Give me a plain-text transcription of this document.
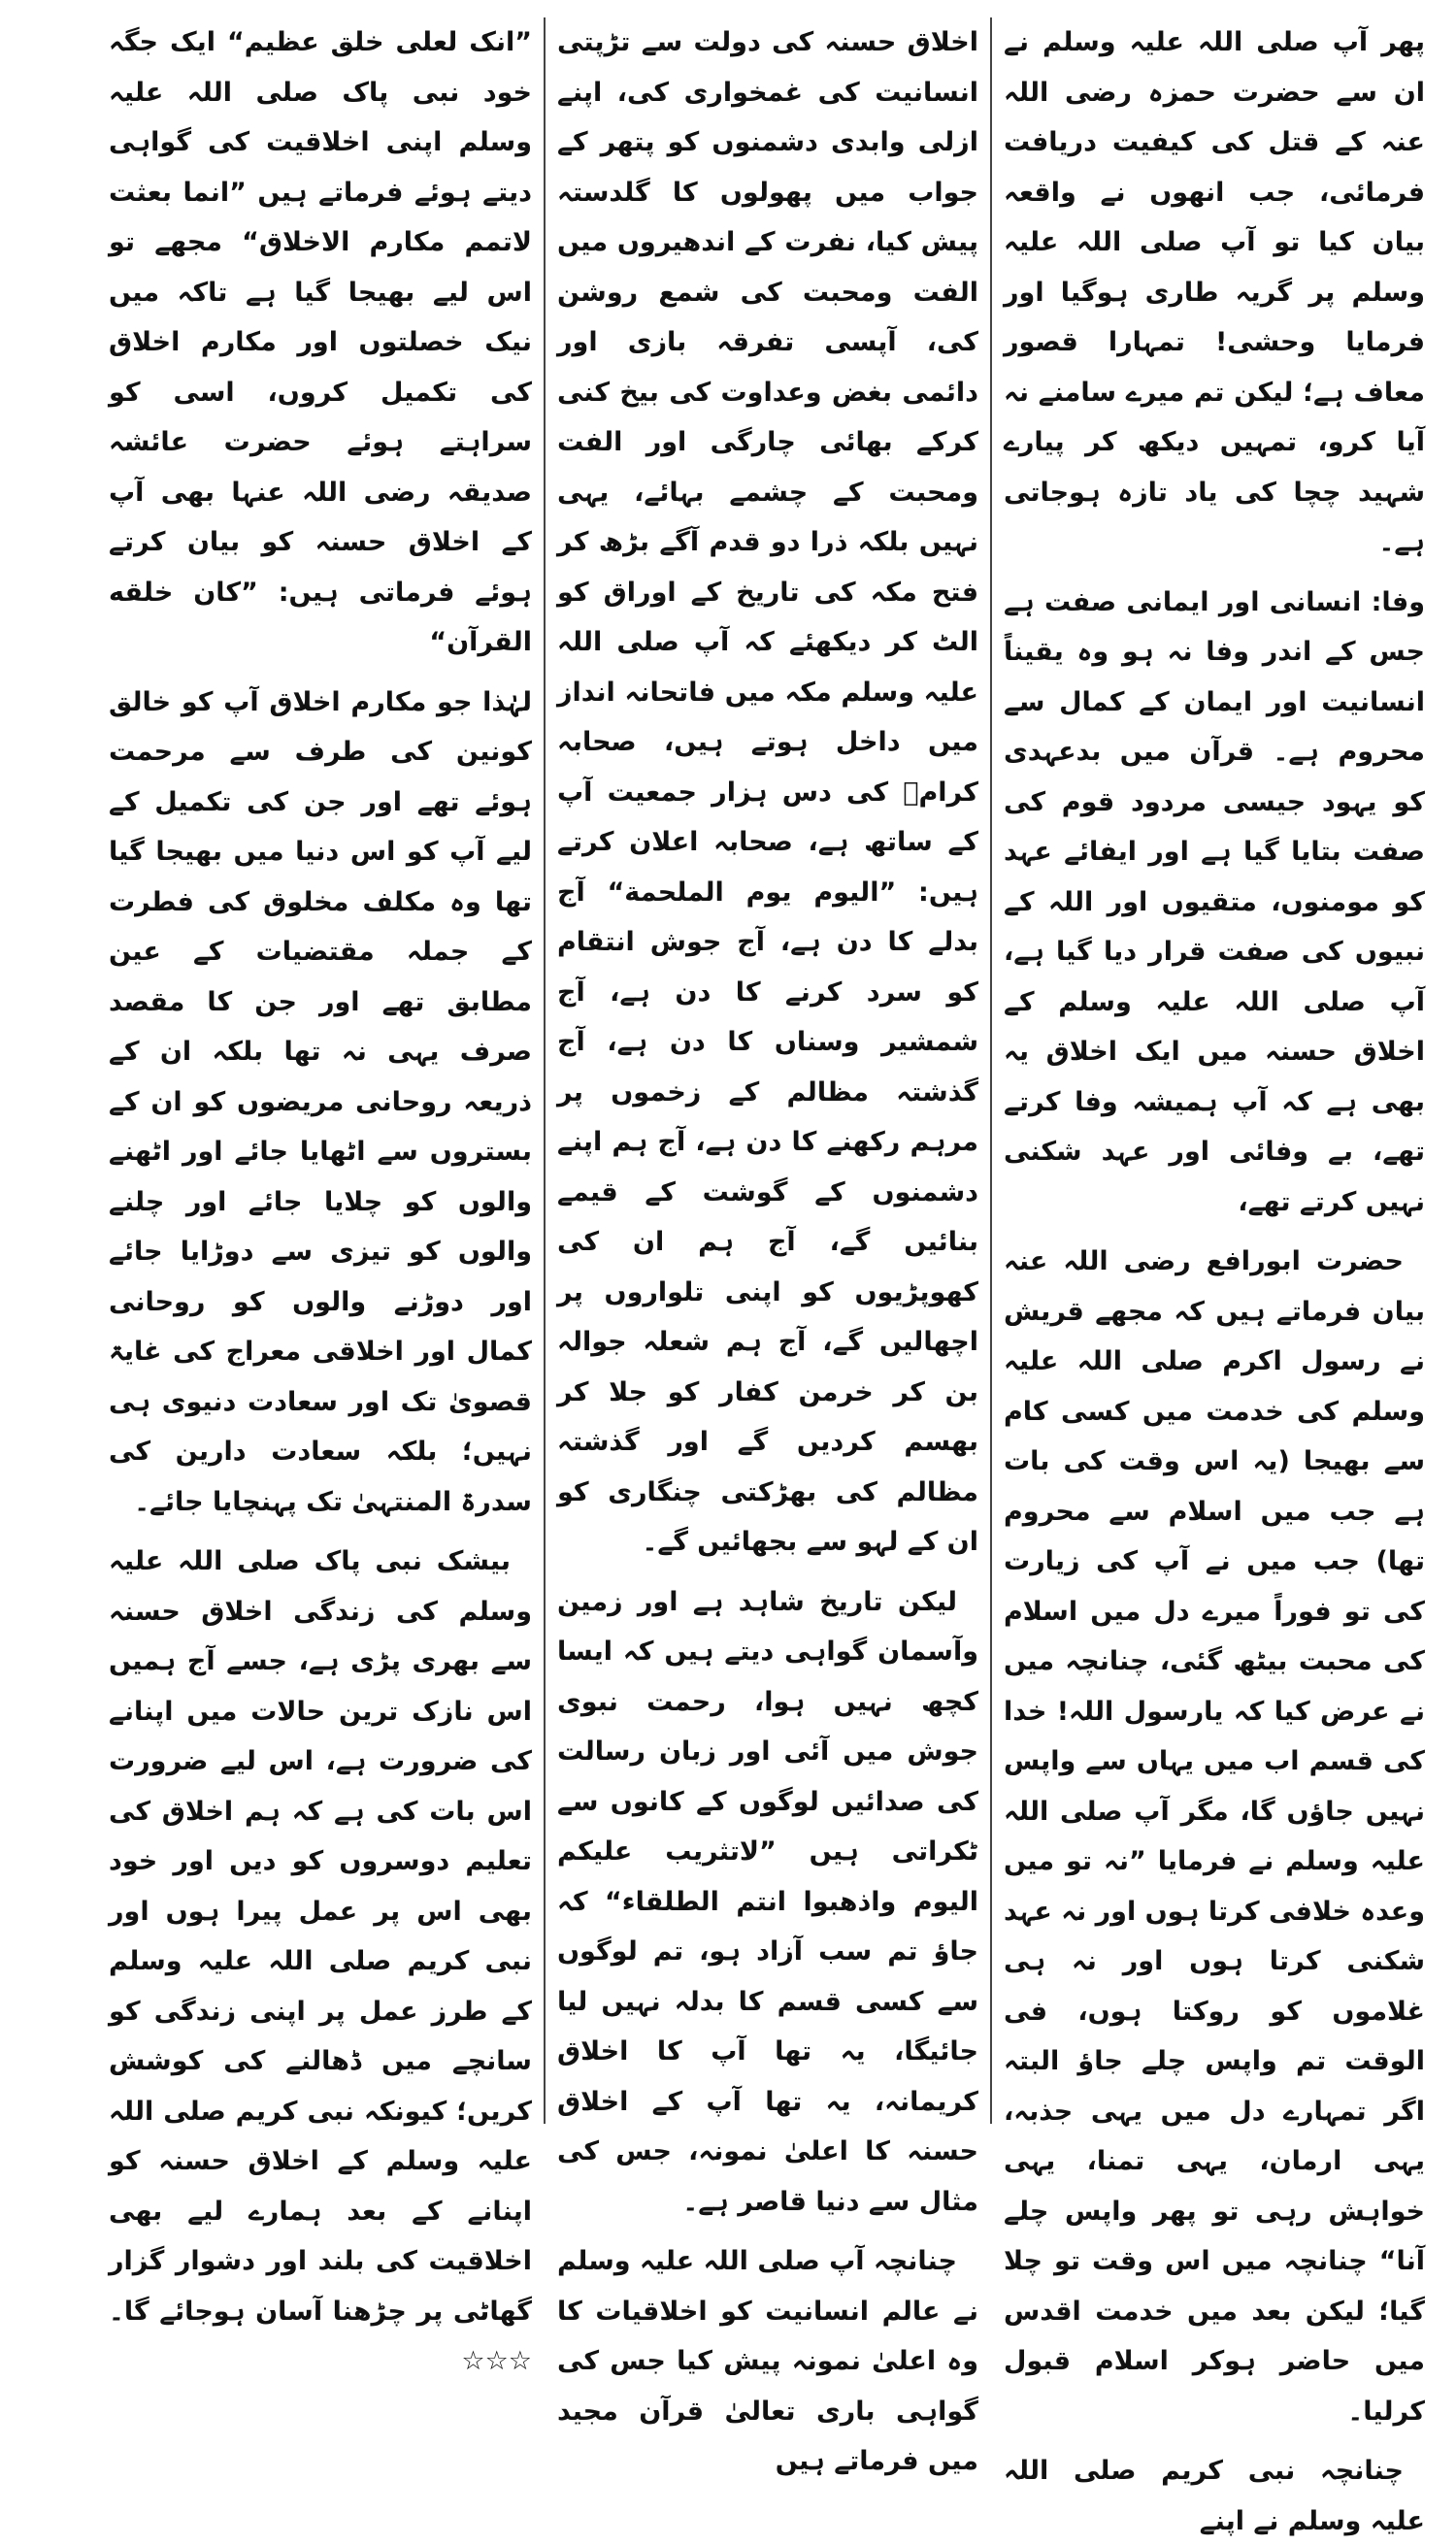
پھر آپ صلی اللہ علیہ وسلم نے ان سے حضرت حمزہ رضی اللہ عنہ کے قتل کی کیفیت دریافت فرمائی، جب انھوں نے واقعہ بیان کیا تو آپ صلی اللہ علیہ وسلم پر گریہ طاری ہوگیا اور فرمایا وحشی! تمہارا قصور معاف ہے؛ لیکن تم میرے سامنے نہ آیا کرو، تمہیں دیکھ کر پیارے شہید چچا کی یاد تازہ ہوجاتی ہے۔

وفا: انسانی اور ایمانی صفت ہے جس کے اندر وفا نہ ہو وہ یقیناً انسانیت اور ایمان کے کمال سے محروم ہے۔ قرآن میں بدعہدی کو یہود جیسی مردود قوم کی صفت بتایا گیا ہے اور ایفائے عہد کو مومنوں، متقیوں اور اللہ کے نبیوں کی صفت قرار دیا گیا ہے، آپ صلی اللہ علیہ وسلم کے اخلاق حسنہ میں ایک اخلاق یہ بھی ہے کہ آپ ہمیشہ وفا کرتے تھے، بے وفائی اور عہد شکنی نہیں کرتے تھے،

حضرت ابورافع رضی اللہ عنہ بیان فرماتے ہیں کہ مجھے قریش نے رسول اکرم صلی اللہ علیہ وسلم کی خدمت میں کسی کام سے بھیجا (یہ اس وقت کی بات ہے جب میں اسلام سے محروم تھا) جب میں نے آپ کی زیارت کی تو فوراً میرے دل میں اسلام کی محبت بیٹھ گئی، چنانچہ میں نے عرض کیا کہ یارسول اللہ! خدا کی قسم اب میں یہاں سے واپس نہیں جاؤں گا، مگر آپ صلی اللہ علیہ وسلم نے فرمایا ”نہ تو میں وعدہ خلافی کرتا ہوں اور نہ عہد شکنی کرتا ہوں اور نہ ہی غلاموں کو روکتا ہوں، فی الوقت تم واپس چلے جاؤ البتہ اگر تمہارے دل میں یہی جذبہ، یہی ارمان، یہی تمنا، یہی خواہش رہی تو پھر واپس چلے آنا“ چنانچہ میں اس وقت تو چلا گیا؛ لیکن بعد میں خدمت اقدس میں حاضر ہوکر اسلام قبول کرلیا۔

چنانچہ نبی کریم صلی اللہ علیہ وسلم نے اپنے

اخلاق حسنہ کی دولت سے تڑپتی انسانیت کی غمخواری کی، اپنے ازلی وابدی دشمنوں کو پتھر کے جواب میں پھولوں کا گلدستہ پیش کیا، نفرت کے اندھیروں میں الفت ومحبت کی شمع روشن کی، آپسی تفرقہ بازی اور دائمی بغض وعداوت کی بیخ کنی کرکے بھائی چارگی اور الفت ومحبت کے چشمے بہائے، یہی نہیں بلکہ ذرا دو قدم آگے بڑھ کر فتح مکہ کی تاریخ کے اوراق کو الٹ کر دیکھئے کہ آپ صلی اللہ علیہ وسلم مکہ میں فاتحانہ انداز میں داخل ہوتے ہیں، صحابہ کرامؓ کی دس ہزار جمعیت آپ کے ساتھ ہے، صحابہ اعلان کرتے ہیں: ”الیوم یوم الملحمة“ آج بدلے کا دن ہے، آج جوش انتقام کو سرد کرنے کا دن ہے، آج شمشیر وسناں کا دن ہے، آج گذشتہ مظالم کے زخموں پر مرہم رکھنے کا دن ہے، آج ہم اپنے دشمنوں کے گوشت کے قیمے بنائیں گے، آج ہم ان کی کھوپڑیوں کو اپنی تلواروں پر اچھالیں گے، آج ہم شعلہ جوالہ بن کر خرمن کفار کو جلا کر بھسم کردیں گے اور گذشتہ مظالم کی بھڑکتی چنگاری کو ان کے لہو سے بجھائیں گے۔

لیکن تاریخ شاہد ہے اور زمین وآسمان گواہی دیتے ہیں کہ ایسا کچھ نہیں ہوا، رحمت نبوی جوش میں آئی اور زبان رسالت کی صدائیں لوگوں کے کانوں سے ٹکراتی ہیں ”لاتثریب علیکم الیوم واذھبوا انتم الطلقاء“ کہ جاؤ تم سب آزاد ہو، تم لوگوں سے کسی قسم کا بدلہ نہیں لیا جائیگا، یہ تھا آپ کا اخلاق کریمانہ، یہ تھا آپ کے اخلاق حسنہ کا اعلیٰ نمونہ، جس کی مثال سے دنیا قاصر ہے۔

چنانچہ آپ صلی اللہ علیہ وسلم نے عالم انسانیت کو اخلاقیات کا وہ اعلیٰ نمونہ پیش کیا جس کی گواہی باری تعالیٰ قرآن مجید میں فرماتے ہیں

”انک لعلی خلق عظیم“ ایک جگہ خود نبی پاک صلی اللہ علیہ وسلم اپنی اخلاقیت کی گواہی دیتے ہوئے فرماتے ہیں ”انما بعثت لاتمم مکارم الاخلاق“ مجھے تو اس لیے بھیجا گیا ہے تاکہ میں نیک خصلتوں اور مکارم اخلاق کی تکمیل کروں، اسی کو سراہتے ہوئے حضرت عائشہ صدیقہ رضی اللہ عنہا بھی آپ کے اخلاق حسنہ کو بیان کرتے ہوئے فرماتی ہیں: ”کان خلقه القرآن“

لہٰذا جو مکارم اخلاق آپ کو خالق کونین کی طرف سے مرحمت ہوئے تھے اور جن کی تکمیل کے لیے آپ کو اس دنیا میں بھیجا گیا تھا وہ مکلف مخلوق کی فطرت کے جملہ مقتضیات کے عین مطابق تھے اور جن کا مقصد صرف یہی نہ تھا بلکہ ان کے ذریعہ روحانی مریضوں کو ان کے بستروں سے اٹھایا جائے اور اٹھنے والوں کو چلایا جائے اور چلنے والوں کو تیزی سے دوڑایا جائے اور دوڑنے والوں کو روحانی کمال اور اخلاقی معراج کی غایۃ قصویٰ تک اور سعادت دنیوی ہی نہیں؛ بلکہ سعادت دارین کی سدرۃ المنتہیٰ تک پہنچایا جائے۔

بیشک نبی پاک صلی اللہ علیہ وسلم کی زندگی اخلاق حسنہ سے بھری پڑی ہے، جسے آج ہمیں اس نازک ترین حالات میں اپنانے کی ضرورت ہے، اس لیے ضرورت اس بات کی ہے کہ ہم اخلاق کی تعلیم دوسروں کو دیں اور خود بھی اس پر عمل پیرا ہوں اور نبی کریم صلی اللہ علیہ وسلم کے طرز عمل پر اپنی زندگی کو سانچے میں ڈھالنے کی کوشش کریں؛ کیونکہ نبی کریم صلی اللہ علیہ وسلم کے اخلاق حسنہ کو اپنانے کے بعد ہمارے لیے بھی اخلاقیت کی بلند اور دشوار گزار گھاٹی پر چڑھنا آسان ہوجائے گا۔ ☆☆☆
